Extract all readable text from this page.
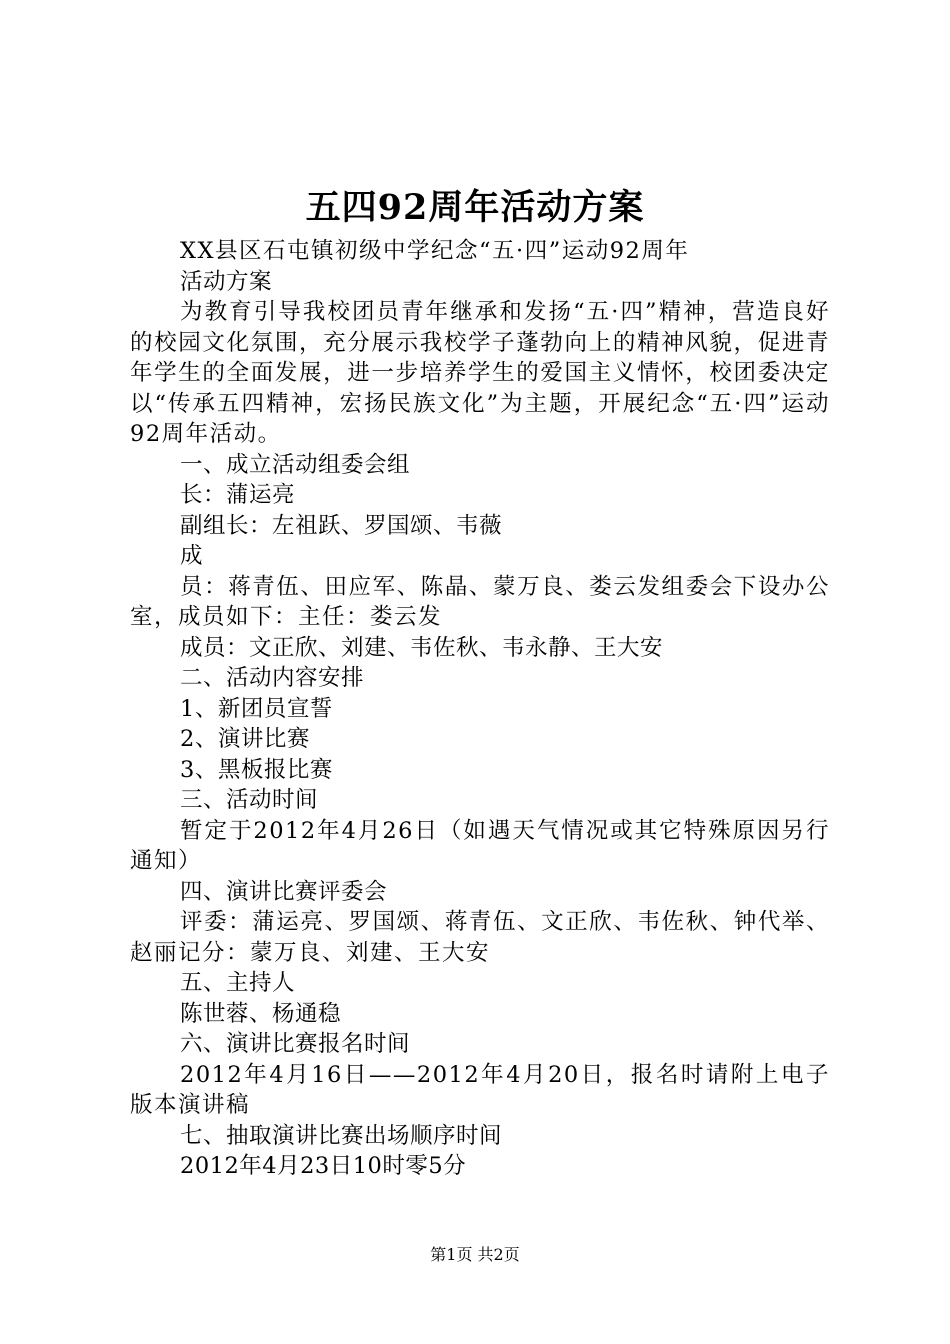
五四92周年活动方案

XX县区石屯镇初级中学纪念“五·四”运动92周年

活动方案

为教育引导我校团员青年继承和发扬“五·四”精神，营造良好的校园文化氛围，充分展示我校学子蓬勃向上的精神风貌，促进青年学生的全面发展，进一步培养学生的爱国主义情怀，校团委决定以“传承五四精神，宏扬民族文化”为主题，开展纪念“五·四”运动92周年活动。

一、成立活动组委会组

长：蒲运亮

副组长：左祖跃、罗国颂、韦薇

成

员：蒋青伍、田应军、陈晶、蒙万良、娄云发组委会下设办公室，成员如下：主任：娄云发

成员：文正欣、刘建、韦佐秋、韦永静、王大安

二、活动内容安排

1、新团员宣誓

2、演讲比赛

3、黑板报比赛

三、活动时间

暂定于2012年4月26日（如遇天气情况或其它特殊原因另行通知）

四、演讲比赛评委会

评委：蒲运亮、罗国颂、蒋青伍、文正欣、韦佐秋、钟代举、赵丽记分：蒙万良、刘建、王大安

五、主持人

陈世蓉、杨通稳

六、演讲比赛报名时间

2012年4月16日——2012年4月20日，报名时请附上电子版本演讲稿

七、抽取演讲比赛出场顺序时间

2012年4月23日10时零5分

第1页 共2页
